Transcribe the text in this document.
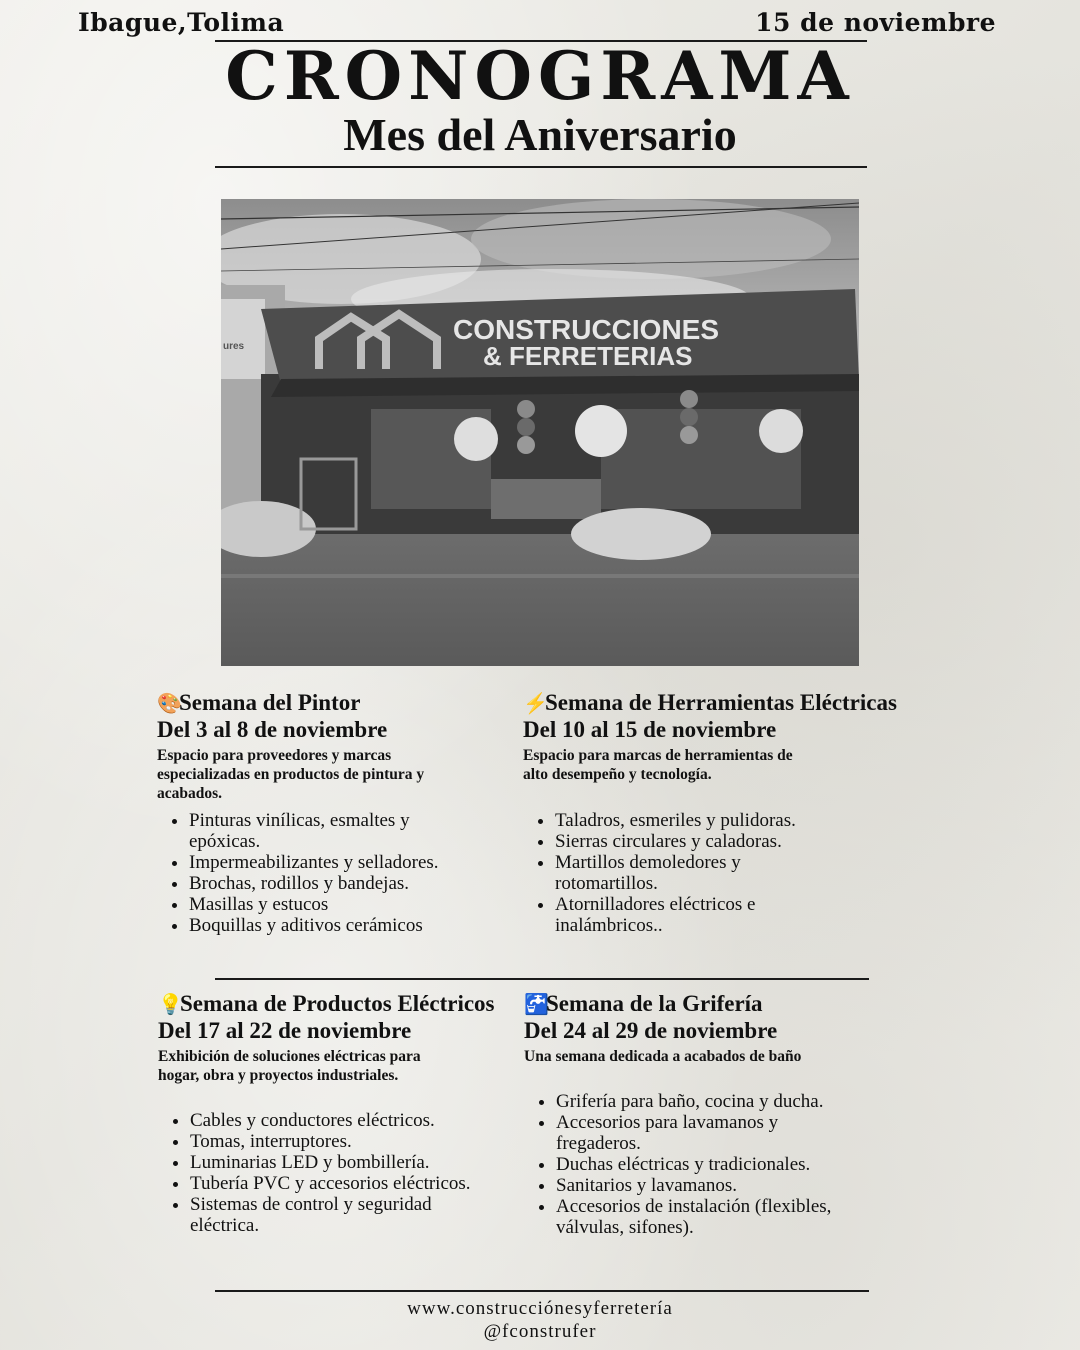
Ibague,Tolima	15 de noviembre
CRONOGRAMA
Mes del Aniversario
ures
CONSTRUCCIONES
& FERRETERIAS
🎨Semana del Pintor
Del 3 al 8 de noviembre
Espacio para proveedores y marcas especializadas en productos de pintura y acabados.
• Pinturas vinílicas, esmaltes y epóxicas.
• Impermeabilizantes y selladores.
• Brochas, rodillos y bandejas.
• Masillas y estucos
• Boquillas y aditivos cerámicos
⚡Semana de Herramientas Eléctricas
Del 10 al 15 de noviembre
Espacio para marcas de herramientas de alto desempeño y tecnología.
• Taladros, esmeriles y pulidoras.
• Sierras circulares y caladoras.
• Martillos demoledores y rotomartillos.
• Atornilladores eléctricos e inalámbricos..
💡Semana de Productos Eléctricos
Del 17 al 22 de noviembre
Exhibición de soluciones eléctricas para hogar, obra y proyectos industriales.
• Cables y conductores eléctricos.
• Tomas, interruptores.
• Luminarias LED y bombillería.
• Tubería PVC y accesorios eléctricos.
• Sistemas de control y seguridad eléctrica.
🚰Semana de la Grifería
Del 24 al 29 de noviembre
Una semana dedicada a acabados de baño
• Grifería para baño, cocina y ducha.
• Accesorios para lavamanos y fregaderos.
• Duchas eléctricas y tradicionales.
• Sanitarios y lavamanos.
• Accesorios de instalación (flexibles, válvulas, sifones).
www.construcciónesyferretería
@fconstrufer
